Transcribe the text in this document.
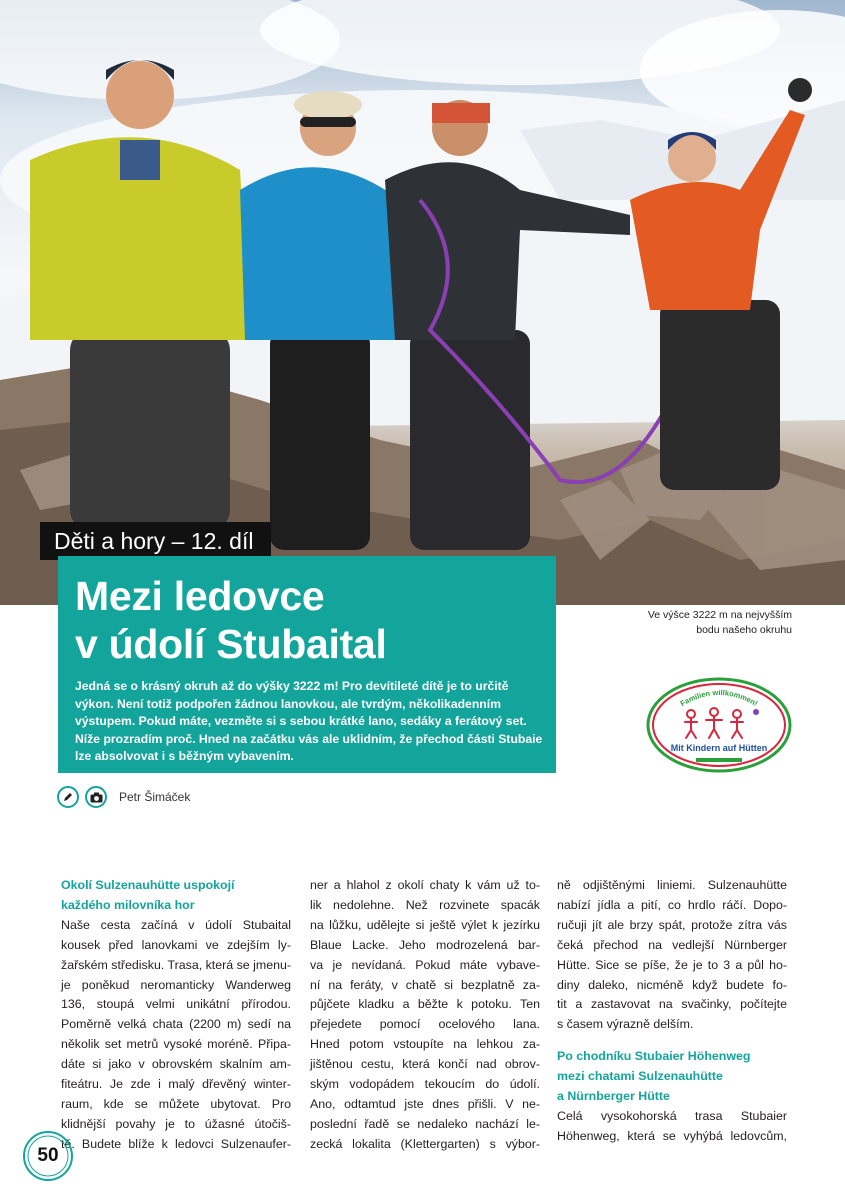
Děti a hory – 12. díl
Mezi ledovce
v údolí Stubaital
Jedná se o krásný okruh až do výšky 3222 m! Pro devítileté dítě je to určitě výkon. Není totiž podpořen žádnou lanovkou, ale tvrdým, několikadenním výstupem. Pokud máte, vezměte si s sebou krátké lano, sedáky a ferátový set. Níže prozradím proč. Hned na začátku vás ale uklidním, že přechod části Stubaie lze absolvovat i s běžným vybavením.
Ve výšce 3222 m na nejvyšším
bodu našeho okruhu
Familien willkommen!
Mit Kindern auf Hütten
Petr Šimáček
Okolí Sulzenauhütte uspokojí
každého milovníka hor
Naše cesta začíná v údolí Stubaital
kousek před lanovkami ve zdejším ly-
žařském středisku. Trasa, která se jmenu-
je poněkud neromanticky Wanderweg
136, stoupá velmi unikátní přírodou.
Poměrně velká chata (2200 m) sedí na
několik set metrů vysoké moréně. Připa-
dáte si jako v obrovském skalním am-
fiteátru. Je zde i malý dřevěný winter-
raum, kde se můžete ubytovat. Pro
klidnější povahy je to úžasné útočiš-
tě. Budete blíže k ledovci Sulzenaufer-
ner a hlahol z okolí chaty k vám už to-
lik nedolehne. Než rozvinete spacák
na lůžku, udělejte si ještě výlet k jezírku
Blaue Lacke. Jeho modrozelená bar-
va je nevídaná. Pokud máte vybave-
ní na feráty, v chatě si bezplatně za-
půjčete kladku a běžte k potoku. Ten
přejedete pomocí ocelového lana.
Hned potom vstoupíte na lehkou za-
jištěnou cestu, která končí nad obrov-
ským vodopádem tekoucím do údolí.
Ano, odtamtud jste dnes přišli. V ne-
poslední řadě se nedaleko nachází le-
zecká lokalita (Klettergarten) s výbor-
ně odjištěnými liniemi. Sulzenauhütte
nabízí jídla a pití, co hrdlo ráčí. Dopo-
ručuji jít ale brzy spát, protože zítra vás
čeká přechod na vedlejší Nürnberger
Hütte. Sice se píše, že je to 3 a půl ho-
diny daleko, nicméně když budete fo-
tit a zastavovat na svačinky, počítejte
s časem výrazně delším.
Po chodníku Stubaier Höhenweg
mezi chatami Sulzenauhütte
a Nürnberger Hütte
Celá vysokohorská trasa Stubaier
Höhenweg, která se vyhýbá ledovcům,
50
